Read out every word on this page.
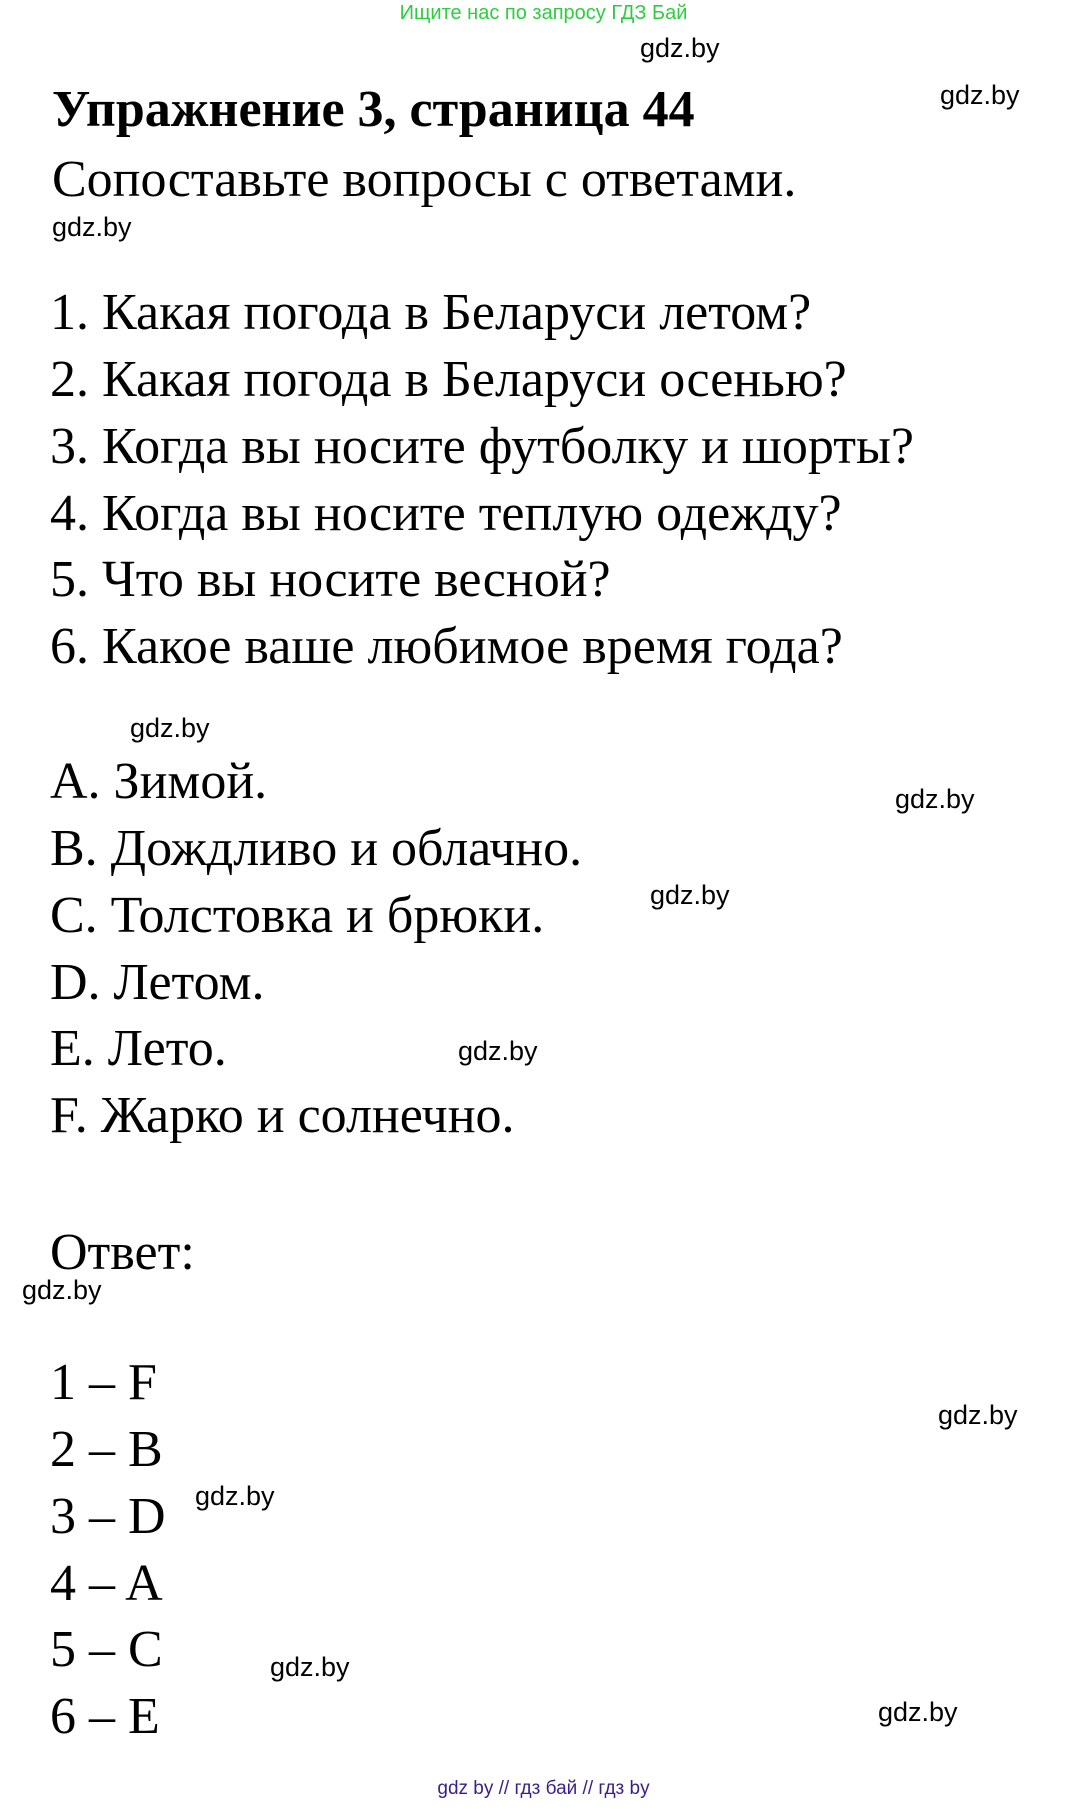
Ищите нас по запросу ГДЗ Бай
gdz.by
gdz.by
Упражнение 3, страница 44
Сопоставьте вопросы с ответами.
gdz.by
1. Какая погода в Беларуси летом?
2. Какая погода в Беларуси осенью?
3. Когда вы носите футболку и шорты?
4. Когда вы носите теплую одежду?
5. Что вы носите весной?
6. Какое ваше любимое время года?
gdz.by
gdz.by
A. Зимой.
B. Дождливо и облачно.
C. Толстовка и брюки.
D. Летом.
E. Лето.
F. Жарко и солнечно.
gdz.by
gdz.by
Ответ:
gdz.by
1 – F
2 – B
3 – D
4 – A
5 – C
6 – E
gdz.by
gdz.by
gdz.by
gdz.by
gdz by // гдз бай // гдз by
